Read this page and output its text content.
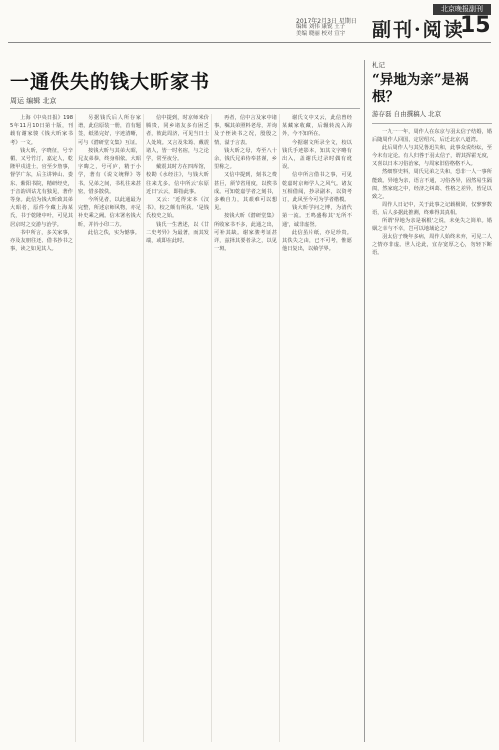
北京晚报副刊
2017年2月3日 星期日
编辑 刘伟 康锐 王子
美编 晓丽 校对 宣宇	副刊·阅读
15
一通佚失的钱大昕家书
周运 编辑 北京

上海《中央日报》1985年11月10日第十版，刊载有谢家骏《钱大昕家书考》一文。

钱大昕，字晓征，号辛楣，又号竹汀，嘉定人，乾隆甲戌进士，官至少詹事，督学广东，后主讲钟山、娄东、紫阳书院，精研经史，于音韵训诂尤有独见，著作等身。此信为钱大昕致其弟大昭者，原件今藏上海某氏，书于乾隆中叶，可见其居京时之交游与治学。

书中所言，多关家事，亦及友朋往还、借书抄书之事，读之如见其人。

另据钱氏后人所存家谱，此信原装一册，首有题签，纸墨完好，字迹清晰，可与《潜研堂文集》互证。

按钱大昕与其弟大昭，兄友弟恭，终身相依。大昭字晦之，号可庐，精于小学，著有《说文统释》等书。兄弟之间，书札往来甚密，惜多散佚。

今所见者，以此通最为完整，所述京师风物，亦足补史乘之阙。信末署名钱大昕，并钤小印二方。

此信之佚，实为憾事。

信中提到，时京师米价腾贵，同乡诸友多有困乏者，彼此周济，可见当日士人处境。又言及朱筠、戴震诸人，皆一时名宿，与之论学，常至夜分。

戴震其时方在四库馆，校勘《水经注》，与钱大昕往来尤多。信中所云'东原近日'云云，即指此事。

又云：'近得宋本《汉书》，校之颇有所获。'是钱氏校史之始。

钱氏一生著述，以《廿二史考异》为最著，而其发端，或即在此时。

再者，信中言及家中诸事，嘱其弟照料老母，并询及子侄读书之况，殷殷之情，溢于言表。

钱大昕之母，寿至八十余，钱氏兄弟侍奉甚谨，乡里称之。

又信中提到，刻书之费甚巨，须节省用度，以俟书成。可知乾嘉学者之刻书，多赖自力，其艰难可以想见。

按钱大昕《潜研堂集》所收家书不多，此通之出，可补其缺。谢家骏考证甚详，兹择其要者录之，以见一斑。

谢氏文中又云，此信曾经某藏家收藏，后辗转流入海外，今不知所在。

今据谢文所录全文，校以钱氏手迹影本，知其文字略有出入，盖谢氏过录时偶有讹误。

信中所言借书之事，可见乾嘉时京师学人之风气。诸友互相借阅，抄录副本，以资考订，此风至今可为学者楷模。

钱大昕学问之博，为清代第一流。王鸣盛称其'无所不通'，诚非虚誉。

此信虽片纸，亦足珍贵。其佚失之由，已不可考，惟愿他日复出，以飨学界。

札记
“异地为亲”是祸根？
游存磊 自由撰稿人 北京

一九一一年，周作人在东京与羽太信子结婚，婚后随周作人回国，定居绍兴，后迁北京八道湾。

此后周作人与其兄鲁迅失和，此事众说纷纭，至今未有定论。有人归咎于羽太信子，谓其挥霍无度，又喜以日本习俗治家，与周家旧俗格格不入。

然细察史料，周氏兄弟之失和，恐非一人一事所能致。异地为亲，语言不通，习俗各异，固然易生隔阂，然家庭之中，经济之纠葛、性格之差异，皆足以致之。

周作人日记中，关于此事之记载极简，仅寥寥数语，后人多据此推测，终难得其真相。

所谓'异地为亲是祸根'之说，未免失之简单。婚姻之幸与不幸，岂可以地域论之？

羽太信子晚年多病，周作人始终未弃，可见二人之情亦非虚。世人论此，宜存宽厚之心，勿轻下断语。
